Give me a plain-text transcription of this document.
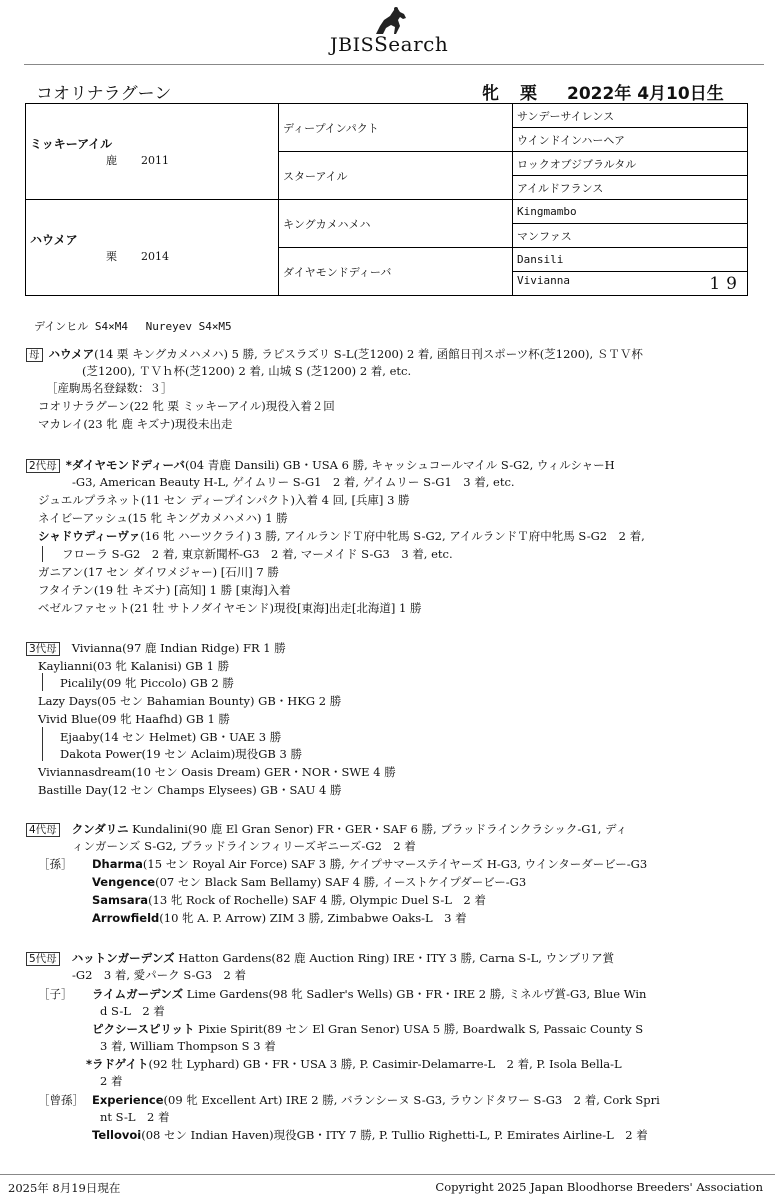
JBISSearch
コオリナラグーン	牝 栗 2022年 4月10日生
ミッキーアイル
鹿 2011	ディープインパクト	サンデーサイレンス
		ウインドインハーヘア
	スターアイル	ロックオブジブラルタル
		アイルドフランス

ハウメア
栗 2014	キングカメハメハ	Kingmambo
		マンファス
	ダイヤモンドディーバ	Dansili
		Vivianna 19
デインヒル S4×M4　 Nureyev S4×M5
母 ハウメア(14 栗 キングカメハメハ) 5 勝, ラピスラズリ S-L(芝1200) 2 着, 函館日刊スポーツ杯(芝1200), ＳＴＶ杯
(芝1200), ＴＶｈ杯(芝1200) 2 着, 山城 S (芝1200) 2 着, etc.
［産駒馬名登録数：３］
コオリナラグーン(22 牝 栗 ミッキーアイル)現役入着２回
マカレイ(23 牝 鹿 キズナ)現役未出走
2代母 *ダイヤモンドディーバ(04 青鹿 Dansili) GB・USA 6 勝, キャッシュコールマイル S-G2, ウィルシャーH
-G3, American Beauty H-L, ゲイムリー S-G1　2 着, ゲイムリー S-G1　3 着, etc.
ジュエルプラネット(11 セン ディープインパクト)入着 4 回, [兵庫] 3 勝
ネイビーアッシュ(15 牝 キングカメハメハ) 1 勝
シャドウディーヴァ(16 牝 ハーツクライ) 3 勝, アイルランドＴ府中牝馬 S-G2, アイルランドＴ府中牝馬 S-G2　2 着,
フローラ S-G2　2 着, 東京新聞杯-G3　2 着, マーメイド S-G3　3 着, etc.
ガニアン(17 セン ダイワメジャー) [石川] 7 勝
フタイテン(19 牡 キズナ) [高知] 1 勝 [東海]入着
ベゼルファセット(21 牡 サトノダイヤモンド)現役[東海]出走[北海道] 1 勝
3代母 Vivianna(97 鹿 Indian Ridge) FR 1 勝
Kaylianni(03 牝 Kalanisi) GB 1 勝
Picalily(09 牝 Piccolo) GB 2 勝
Lazy Days(05 セン Bahamian Bounty) GB・HKG 2 勝
Vivid Blue(09 牝 Haafhd) GB 1 勝
Ejaaby(14 セン Helmet) GB・UAE 3 勝
Dakota Power(19 セン Aclaim)現役GB 3 勝
Viviannasdream(10 セン Oasis Dream) GER・NOR・SWE 4 勝
Bastille Day(12 セン Champs Elysees) GB・SAU 4 勝
4代母 クンダリニ Kundalini(90 鹿 El Gran Senor) FR・GER・SAF 6 勝, ブラッドラインクラシック-G1, ディ
ィンガーンズ S-G2, ブラッドラインフィリーズギニーズ-G2　2 着
［孫］ Dharma(15 セン Royal Air Force) SAF 3 勝, ケイプサマーステイヤーズ H-G3, ウインターダービー-G3
Vengence(07 セン Black Sam Bellamy) SAF 4 勝, イーストケイプダービー-G3
Samsara(13 牝 Rock of Rochelle) SAF 4 勝, Olympic Duel S-L　2 着
Arrowfield(10 牝 A. P. Arrow) ZIM 3 勝, Zimbabwe Oaks-L　3 着
5代母 ハットンガーデンズ Hatton Gardens(82 鹿 Auction Ring) IRE・ITY 3 勝, Carna S-L, ウンブリア賞
-G2　3 着, 愛パーク S-G3　2 着
［子］ ライムガーデンズ Lime Gardens(98 牝 Sadler's Wells) GB・FR・IRE 2 勝, ミネルヴ賞-G3, Blue Win
d S-L　2 着
ピクシースピリット Pixie Spirit(89 セン El Gran Senor) USA 5 勝, Boardwalk S, Passaic County S
3 着, William Thompson S 3 着
*ラドゲイト(92 牡 Lyphard) GB・FR・USA 3 勝, P. Casimir-Delamarre-L　2 着, P. Isola Bella-L
2 着
［曾孫］ Experience(09 牝 Excellent Art) IRE 2 勝, バランシーヌ S-G3, ラウンドタワー S-G3　2 着, Cork Spri
nt S-L　2 着
Tellovoi(08 セン Indian Haven)現役GB・ITY 7 勝, P. Tullio Righetti-L, P. Emirates Airline-L　2 着
2025年 8月19日現在	Copyright 2025 Japan Bloodhorse Breeders' Association
